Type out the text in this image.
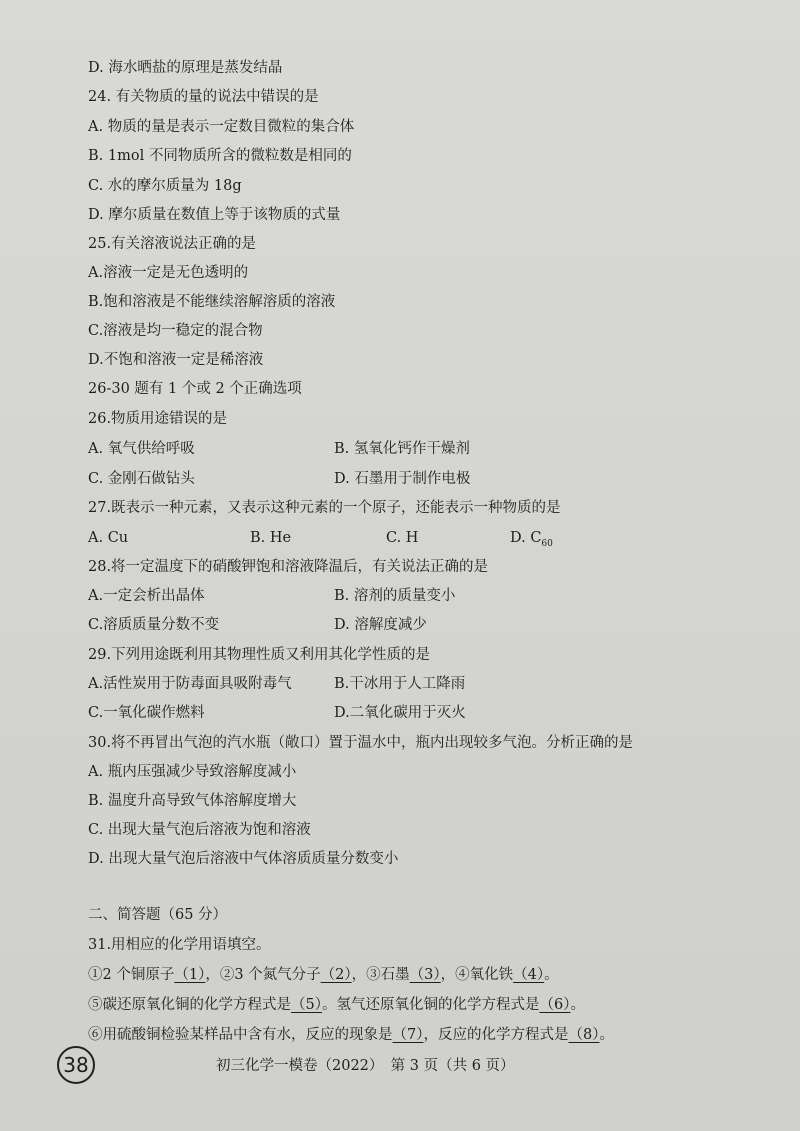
D. 海水晒盐的原理是蒸发结晶
24. 有关物质的量的说法中错误的是
A. 物质的量是表示一定数目微粒的集合体
B. 1mol 不同物质所含的微粒数是相同的
C. 水的摩尔质量为 18g
D. 摩尔质量在数值上等于该物质的式量
25.有关溶液说法正确的是
A.溶液一定是无色透明的
B.饱和溶液是不能继续溶解溶质的溶液
C.溶液是均一稳定的混合物
D.不饱和溶液一定是稀溶液
26-30 题有 1 个或 2 个正确选项
26.物质用途错误的是
A. 氧气供给呼吸	B. 氢氧化钙作干燥剂
C. 金刚石做钻头	D. 石墨用于制作电极
27.既表示一种元素，又表示这种元素的一个原子，还能表示一种物质的是
A. Cu	B. He	C. H	D. $C_{60}$
28.将一定温度下的硝酸钾饱和溶液降温后，有关说法正确的是
A.一定会析出晶体	B. 溶剂的质量变小
C.溶质质量分数不变	D. 溶解度减少
29.下列用途既利用其物理性质又利用其化学性质的是
A.活性炭用于防毒面具吸附毒气	B.干冰用于人工降雨
C.一氧化碳作燃料	D.二氧化碳用于灭火
30.将不再冒出气泡的汽水瓶（敞口）置于温水中，瓶内出现较多气泡。分析正确的是
A. 瓶内压强减少导致溶解度减小
B. 温度升高导致气体溶解度增大
C. 出现大量气泡后溶液为饱和溶液
D. 出现大量气泡后溶液中气体溶质质量分数变小
二、简答题（65 分）
31.用相应的化学用语填空。
①2 个铜原子（1），②3 个氮气分子（2），③石墨（3），④氧化铁（4）。
⑤碳还原氧化铜的化学方程式是（5）。氢气还原氧化铜的化学方程式是（6）。
⑥用硫酸铜检验某样品中含有水，反应的现象是（7），反应的化学方程式是（8）。
38	初三化学一模卷（2022）　第 3 页（共 6 页）
